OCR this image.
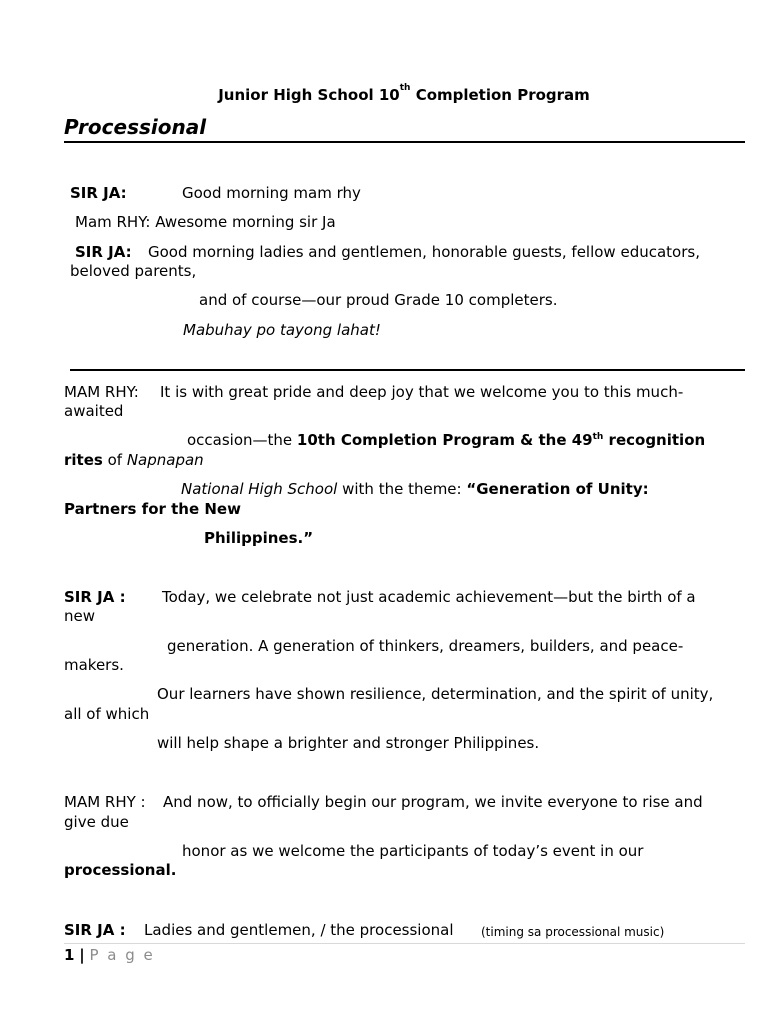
Junior High School 10th Completion Program
Processional
SIR JA:	Good morning mam rhy
Mam RHY: Awesome morning sir Ja
SIR JA: Good morning ladies and gentlemen, honorable guests, fellow educators,
beloved parents,
and of course—our proud Grade 10 completers.
Mabuhay po tayong lahat!
MAM RHY: It is with great pride and deep joy that we welcome you to this much-
awaited
occasion—the 10th Completion Program & the 49th recognition
rites of Napnapan
National High School with the theme: “Generation of Unity:
Partners for the New
Philippines.”
SIR JA : Today, we celebrate not just academic achievement—but the birth of a
new
generation. A generation of thinkers, dreamers, builders, and peace-
makers.
Our learners have shown resilience, determination, and the spirit of unity,
all of which
will help shape a brighter and stronger Philippines.
MAM RHY : And now, to officially begin our program, we invite everyone to rise and
give due
honor as we welcome the participants of today’s event in our
processional.
SIR JA : Ladies and gentlemen, / the processional (timing sa processional music)
1 | P a g e
